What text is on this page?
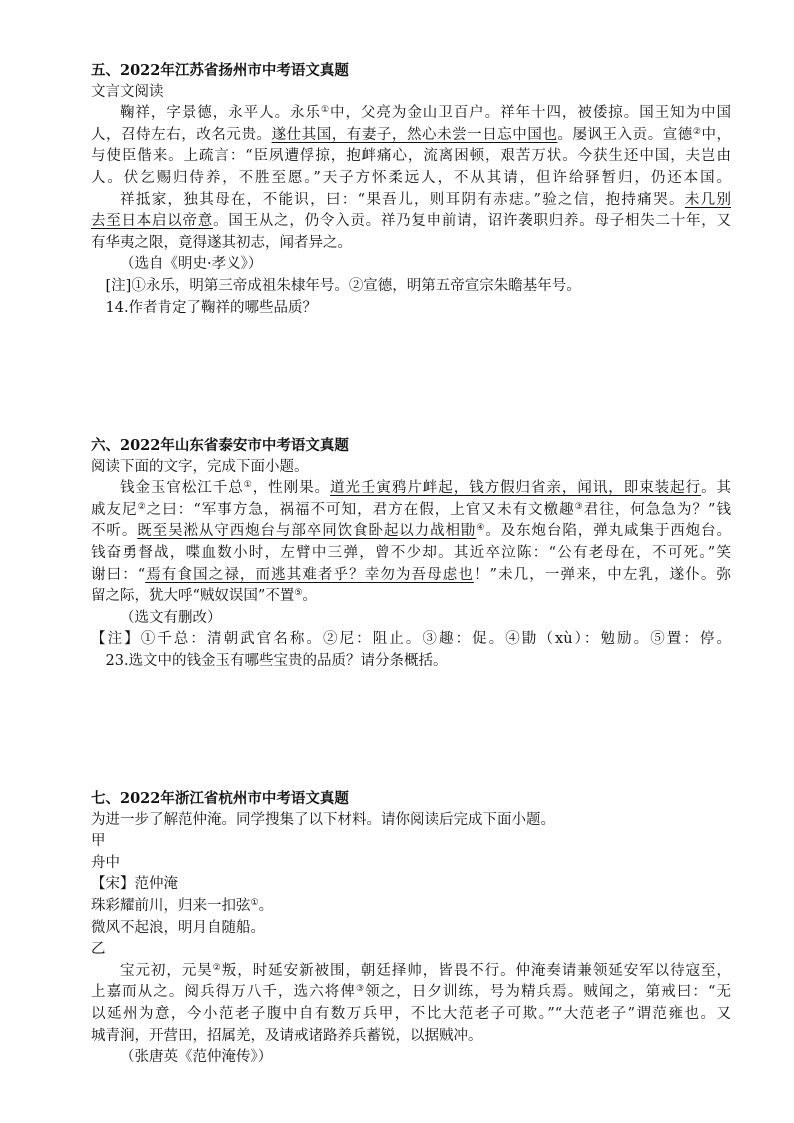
五、2022年江苏省扬州市中考语文真题
文言文阅读
鞠祥，字景德，永平人。永乐①中，父亮为金山卫百户。祥年十四，被倭掠。国王知为中国
人，召侍左右，改名元贵。遂仕其国，有妻子，然心未尝一日忘中国也。屡讽王入贡。宣德②中，
与使臣偕来。上疏言：“臣夙遭俘掠，抱衅痛心，流离困顿，艰苦万状。今获生还中国，夫岂由
人。伏乞赐归侍养，不胜至愿。”天子方怀柔远人，不从其请，但许给驿暂归，仍还本国。
祥抵家，独其母在，不能识，曰：“果吾儿，则耳阴有赤痣。”验之信，抱持痛哭。未几别
去至日本启以帝意。国王从之，仍令入贡。祥乃复申前请，诏许袭职归养。母子相失二十年，又
有华夷之限，竟得遂其初志，闻者异之。
（选自《明史·孝义》）
[注]①永乐，明第三帝成祖朱棣年号。②宣德，明第五帝宣宗朱瞻基年号。
14.作者肯定了鞠祥的哪些品质？
六、2022年山东省泰安市中考语文真题
阅读下面的文字，完成下面小题。
钱金玉官松江千总①，性刚果。道光壬寅鸦片衅起，钱方假归省亲，闻讯，即束装起行。其
戚友尼②之曰：“军事方急，祸福不可知，君方在假，上官又未有文檄趣③君往，何急急为？”钱
不听。既至吴淞从守西炮台与部卒同饮食卧起以力战相勖④。及东炮台陷，弹丸咸集于西炮台。
钱奋勇督战，喋血数小时，左臂中三弹，曾不少却。其近卒泣陈：“公有老母在，不可死。”笑
谢曰：“焉有食国之禄，而逃其难者乎？幸勿为吾母虑也！”未几，一弹来，中左乳，遂仆。弥
留之际，犹大呼“贼奴误国”不置⑤。
（选文有删改）
【注】①千总：清朝武官名称。②尼：阻止。③趣：促。④勖（xù）：勉励。⑤置：停。
23.选文中的钱金玉有哪些宝贵的品质？请分条概括。
七、2022年浙江省杭州市中考语文真题
为进一步了解范仲淹。同学搜集了以下材料。请你阅读后完成下面小题。
甲
舟中
【宋】范仲淹
珠彩耀前川，归来一扣弦①。
微风不起浪，明月自随船。
乙
宝元初，元昊②叛，时延安新被围，朝廷择帅，皆畏不行。仲淹奏请兼领延安军以待寇至，
上嘉而从之。阅兵得万八千，选六将俾③领之，日夕训练，号为精兵焉。贼闻之，第戒曰：“无
以延州为意，今小范老子腹中自有数万兵甲，不比大范老子可欺。”“大范老子”谓范雍也。又
城青涧，开营田，招属羌，及请戒诸路养兵蓄锐，以据贼冲。
（张唐英《范仲淹传》）
